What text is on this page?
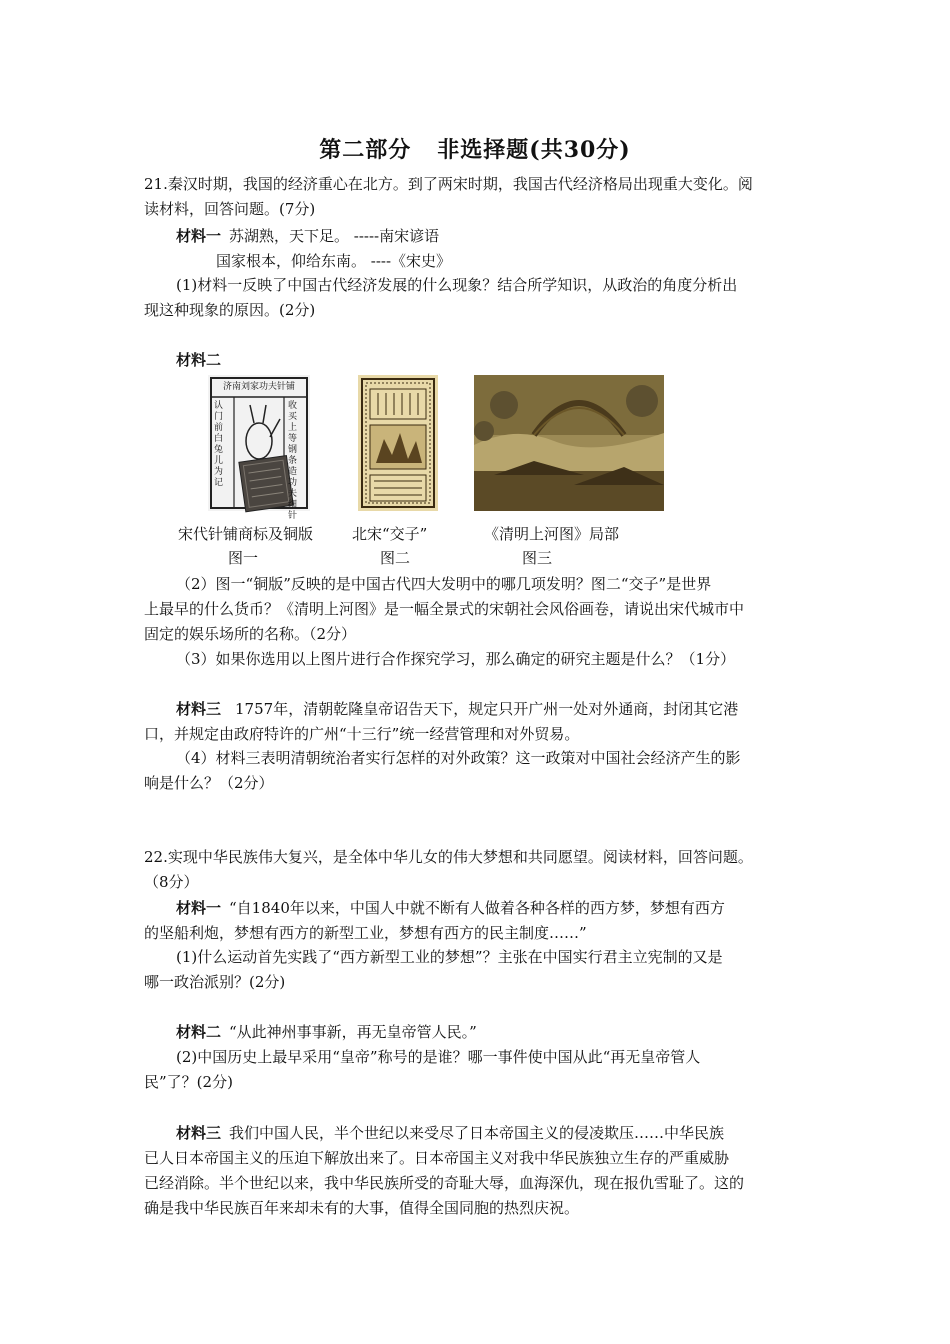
第二部分 非选择题(共30分)
21.秦汉时期，我国的经济重心在北方。到了两宋时期，我国古代经济格局出现重大变化。阅
读材料，回答问题。(7分)
材料一 苏湖熟，天下足。 -----南宋谚语
国家根本，仰给东南。 ----《宋史》
(1)材料一反映了中国古代经济发展的什么现象？结合所学知识，从政治的角度分析出
现这种现象的原因。(2分)
材料二
济南刘家功夫针铺
认门前白兔儿为记
收买上等钢条造功夫细针
宋代针铺商标及铜版	北宋“交子”	《清明上河图》局部
图一	图二	图三
（2）图一“铜版”反映的是中国古代四大发明中的哪几项发明？图二“交子”是世界
上最早的什么货币？《清明上河图》是一幅全景式的宋朝社会风俗画卷，请说出宋代城市中
固定的娱乐场所的名称。（2分）
（3）如果你选用以上图片进行合作探究学习，那么确定的研究主题是什么？（1分）
材料三 1757年，清朝乾隆皇帝诏告天下，规定只开广州一处对外通商，封闭其它港
口，并规定由政府特许的广州“十三行”统一经营管理和对外贸易。
（4）材料三表明清朝统治者实行怎样的对外政策？这一政策对中国社会经济产生的影
响是什么？（2分）
22.实现中华民族伟大复兴，是全体中华儿女的伟大梦想和共同愿望。阅读材料，回答问题。
（8分）
材料一 “自1840年以来，中国人中就不断有人做着各种各样的西方梦，梦想有西方
的坚船利炮，梦想有西方的新型工业，梦想有西方的民主制度……”
(1)什么运动首先实践了“西方新型工业的梦想”？主张在中国实行君主立宪制的又是
哪一政治派别？(2分)
材料二 “从此神州事事新，再无皇帝管人民。”
(2)中国历史上最早采用“皇帝”称号的是谁？哪一事件使中国从此“再无皇帝管人
民”了？(2分)
材料三 我们中国人民，半个世纪以来受尽了日本帝国主义的侵凌欺压……中华民族
已人日本帝国主义的压迫下解放出来了。日本帝国主义对我中华民族独立生存的严重威胁
已经消除。半个世纪以来，我中华民族所受的奇耻大辱，血海深仇，现在报仇雪耻了。这的
确是我中华民族百年来却未有的大事，值得全国同胞的热烈庆祝。
